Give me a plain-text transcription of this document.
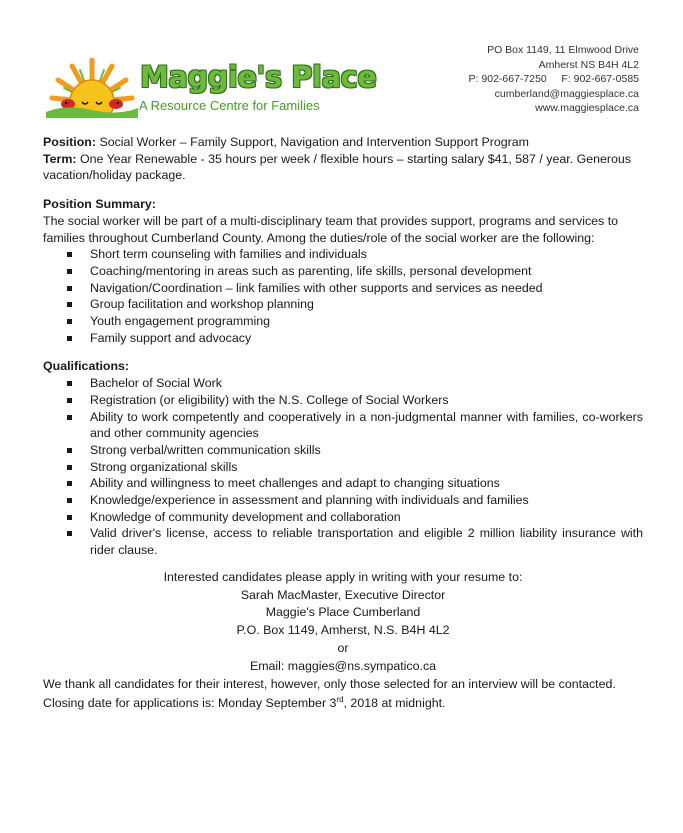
Maggie's Place
A Resource Centre for Families
PO Box 1149, 11 Elmwood Drive
Amherst NS B4H 4L2
P: 902-667-7250     F: 902-667-0585
cumberland@maggiesplace.ca
www.maggiesplace.ca

Position: Social Worker – Family Support, Navigation and Intervention Support Program

Term: One Year Renewable - 35 hours per week / flexible hours – starting salary $41, 587 / year. Generous vacation/holiday package.

Position Summary:

The social worker will be part of a multi-disciplinary team that provides support, programs and services to families throughout Cumberland County. Among the duties/role of the social worker are the following:

Short term counseling with families and individuals
Coaching/mentoring in areas such as parenting, life skills, personal development
Navigation/Coordination – link families with other supports and services as needed
Group facilitation and workshop planning
Youth engagement programming
Family support and advocacy

Qualifications:

Bachelor of Social Work
Registration (or eligibility) with the N.S. College of Social Workers
Ability to work competently and cooperatively in a non-judgmental manner with families, co-workers and other community agencies
Strong verbal/written communication skills
Strong organizational skills
Ability and willingness to meet challenges and adapt to changing situations
Knowledge/experience in assessment and planning with individuals and families
Knowledge of community development and collaboration
Valid driver's license, access to reliable transportation and eligible 2 million liability insurance with rider clause.
Interested candidates please apply in writing with your resume to:
Sarah MacMaster, Executive Director
Maggie's Place Cumberland
P.O. Box 1149, Amherst, N.S. B4H 4L2
or
Email: maggies@ns.sympatico.ca

We thank all candidates for their interest, however, only those selected for an interview will be contacted. Closing date for applications is: Monday September 3rd, 2018 at midnight.
